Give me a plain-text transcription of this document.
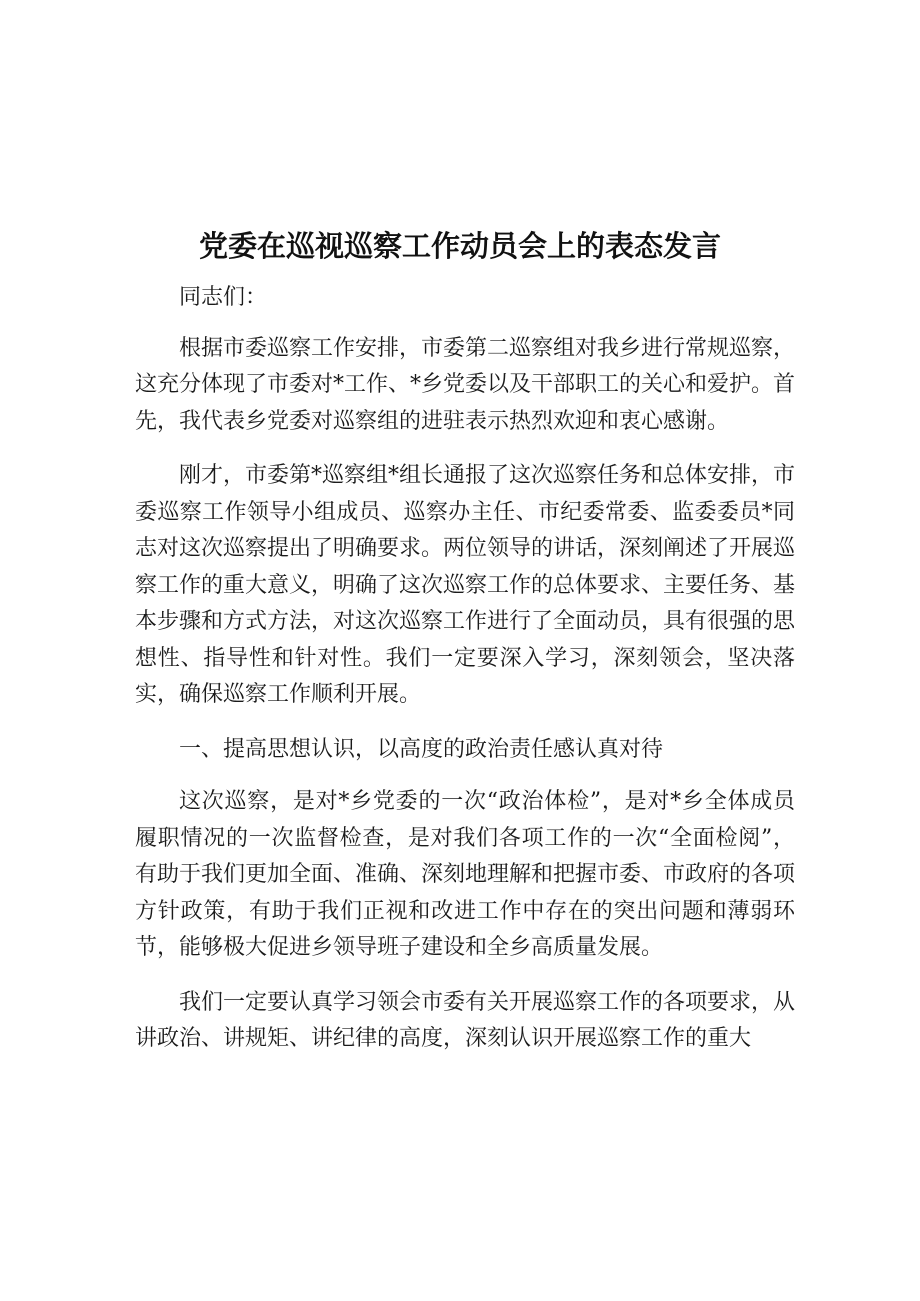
党委在巡视巡察工作动员会上的表态发言

同志们：

根据市委巡察工作安排，市委第二巡察组对我乡进行常规巡察，这充分体现了市委对*工作、*乡党委以及干部职工的关心和爱护。首先，我代表乡党委对巡察组的进驻表示热烈欢迎和衷心感谢。

刚才，市委第*巡察组*组长通报了这次巡察任务和总体安排，市委巡察工作领导小组成员、巡察办主任、市纪委常委、监委委员*同志对这次巡察提出了明确要求。两位领导的讲话，深刻阐述了开展巡察工作的重大意义，明确了这次巡察工作的总体要求、主要任务、基本步骤和方式方法，对这次巡察工作进行了全面动员，具有很强的思想性、指导性和针对性。我们一定要深入学习，深刻领会，坚决落实，确保巡察工作顺利开展。

一、提高思想认识，以高度的政治责任感认真对待

这次巡察，是对*乡党委的一次“政治体检”，是对*乡全体成员履职情况的一次监督检查，是对我们各项工作的一次“全面检阅”，有助于我们更加全面、准确、深刻地理解和把握市委、市政府的各项方针政策，有助于我们正视和改进工作中存在的突出问题和薄弱环节，能够极大促进乡领导班子建设和全乡高质量发展。

我们一定要认真学习领会市委有关开展巡察工作的各项要求，从讲政治、讲规矩、讲纪律的高度，深刻认识开展巡察工作的重大
